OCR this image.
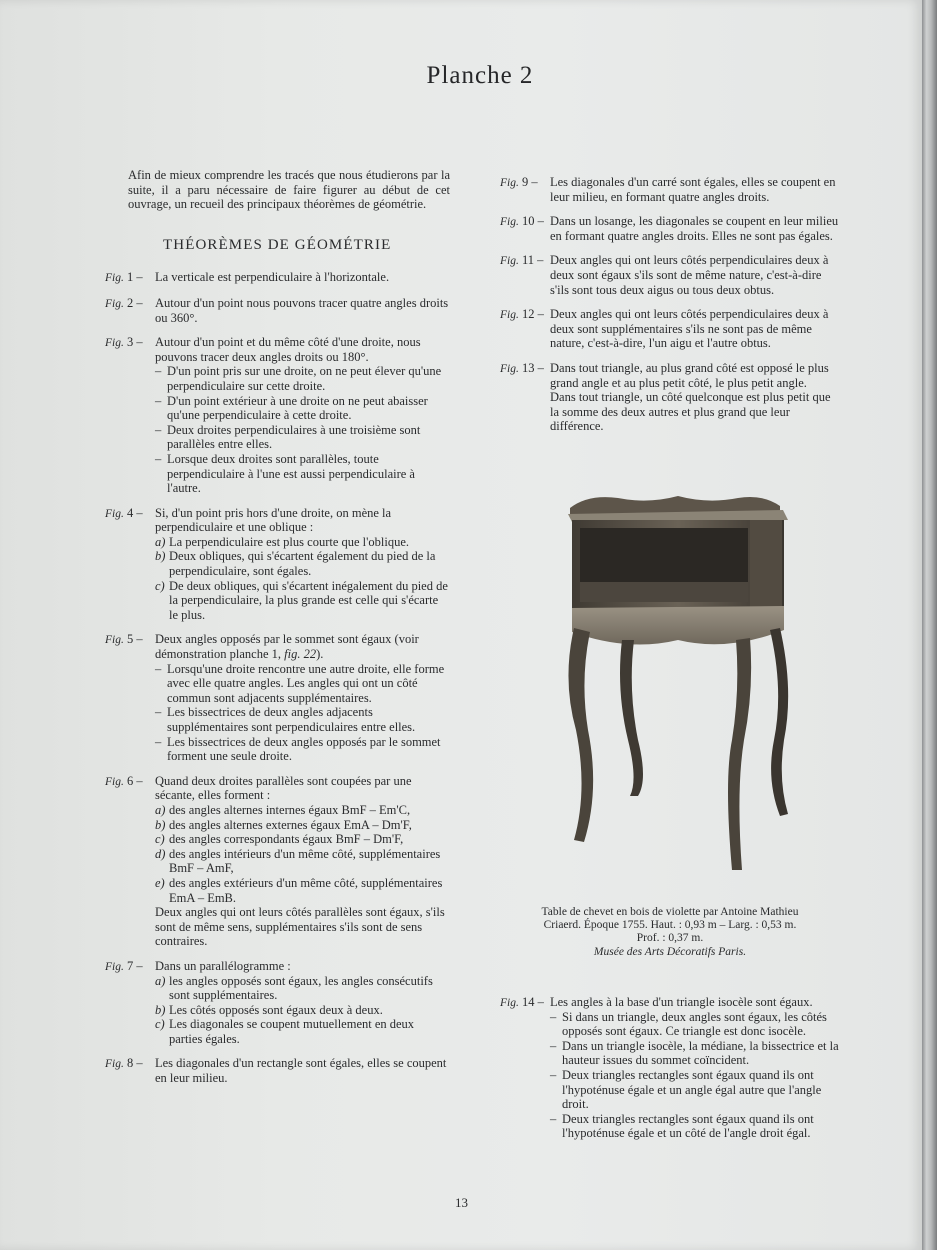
Planche 2
Afin de mieux comprendre les tracés que nous étudierons par la suite, il a paru nécessaire de faire figurer au début de cet ouvrage, un recueil des principaux théorèmes de géométrie.
THÉORÈMES DE GÉOMÉTRIE
Fig. 1 – La verticale est perpendiculaire à l'horizontale.
Fig. 2 – Autour d'un point nous pouvons tracer quatre angles droits ou 360°.
Fig. 3 – Autour d'un point et du même côté d'une droite, nous pouvons tracer deux angles droits ou 180°.
– D'un point pris sur une droite, on ne peut élever qu'une perpendiculaire sur cette droite.
– D'un point extérieur à une droite on ne peut abaisser qu'une perpendiculaire à cette droite.
– Deux droites perpendiculaires à une troisième sont parallèles entre elles.
– Lorsque deux droites sont parallèles, toute perpendiculaire à l'une est aussi perpendiculaire à l'autre.
Fig. 4 – Si, d'un point pris hors d'une droite, on mène la perpendiculaire et une oblique :
a) La perpendiculaire est plus courte que l'oblique.
b) Deux obliques, qui s'écartent également du pied de la perpendiculaire, sont égales.
c) De deux obliques, qui s'écartent inégalement du pied de la perpendiculaire, la plus grande est celle qui s'écarte le plus.
Fig. 5 – Deux angles opposés par le sommet sont égaux (voir démonstration planche 1, fig. 22).
– Lorsqu'une droite rencontre une autre droite, elle forme avec elle quatre angles. Les angles qui ont un côté commun sont adjacents supplémentaires.
– Les bissectrices de deux angles adjacents supplémentaires sont perpendiculaires entre elles.
– Les bissectrices de deux angles opposés par le sommet forment une seule droite.
Fig. 6 – Quand deux droites parallèles sont coupées par une sécante, elles forment :
a) des angles alternes internes égaux BmF – Em'C,
b) des angles alternes externes égaux EmA – Dm'F,
c) des angles correspondants égaux BmF – Dm'F,
d) des angles intérieurs d'un même côté, supplémentaires BmF – AmF,
e) des angles extérieurs d'un même côté, supplémentaires EmA – EmB.
Deux angles qui ont leurs côtés parallèles sont égaux, s'ils sont de même sens, supplémentaires s'ils sont de sens contraires.
Fig. 7 – Dans un parallélogramme :
a) les angles opposés sont égaux, les angles consécutifs sont supplémentaires.
b) Les côtés opposés sont égaux deux à deux.
c) Les diagonales se coupent mutuellement en deux parties égales.
Fig. 8 – Les diagonales d'un rectangle sont égales, elles se coupent en leur milieu.
Fig. 9 – Les diagonales d'un carré sont égales, elles se coupent en leur milieu, en formant quatre angles droits.
Fig. 10 – Dans un losange, les diagonales se coupent en leur milieu en formant quatre angles droits. Elles ne sont pas égales.
Fig. 11 – Deux angles qui ont leurs côtés perpendiculaires deux à deux sont égaux s'ils sont de même nature, c'est-à-dire s'ils sont tous deux aigus ou tous deux obtus.
Fig. 12 – Deux angles qui ont leurs côtés perpendiculaires deux à deux sont supplémentaires s'ils ne sont pas de même nature, c'est-à-dire, l'un aigu et l'autre obtus.
Fig. 13 – Dans tout triangle, au plus grand côté est opposé le plus grand angle et au plus petit côté, le plus petit angle.
Dans tout triangle, un côté quelconque est plus petit que la somme des deux autres et plus grand que leur différence.
Table de chevet en bois de violette par Antoine Mathieu
Criaerd. Époque 1755. Haut. : 0,93 m – Larg. : 0,53 m.
Prof. : 0,37 m.
Musée des Arts Décoratifs Paris.
Fig. 14 – Les angles à la base d'un triangle isocèle sont égaux.
– Si dans un triangle, deux angles sont égaux, les côtés opposés sont égaux. Ce triangle est donc isocèle.
– Dans un triangle isocèle, la médiane, la bissectrice et la hauteur issues du sommet coïncident.
– Deux triangles rectangles sont égaux quand ils ont l'hypoténuse égale et un angle égal autre que l'angle droit.
– Deux triangles rectangles sont égaux quand ils ont l'hypoténuse égale et un côté de l'angle droit égal.
13
